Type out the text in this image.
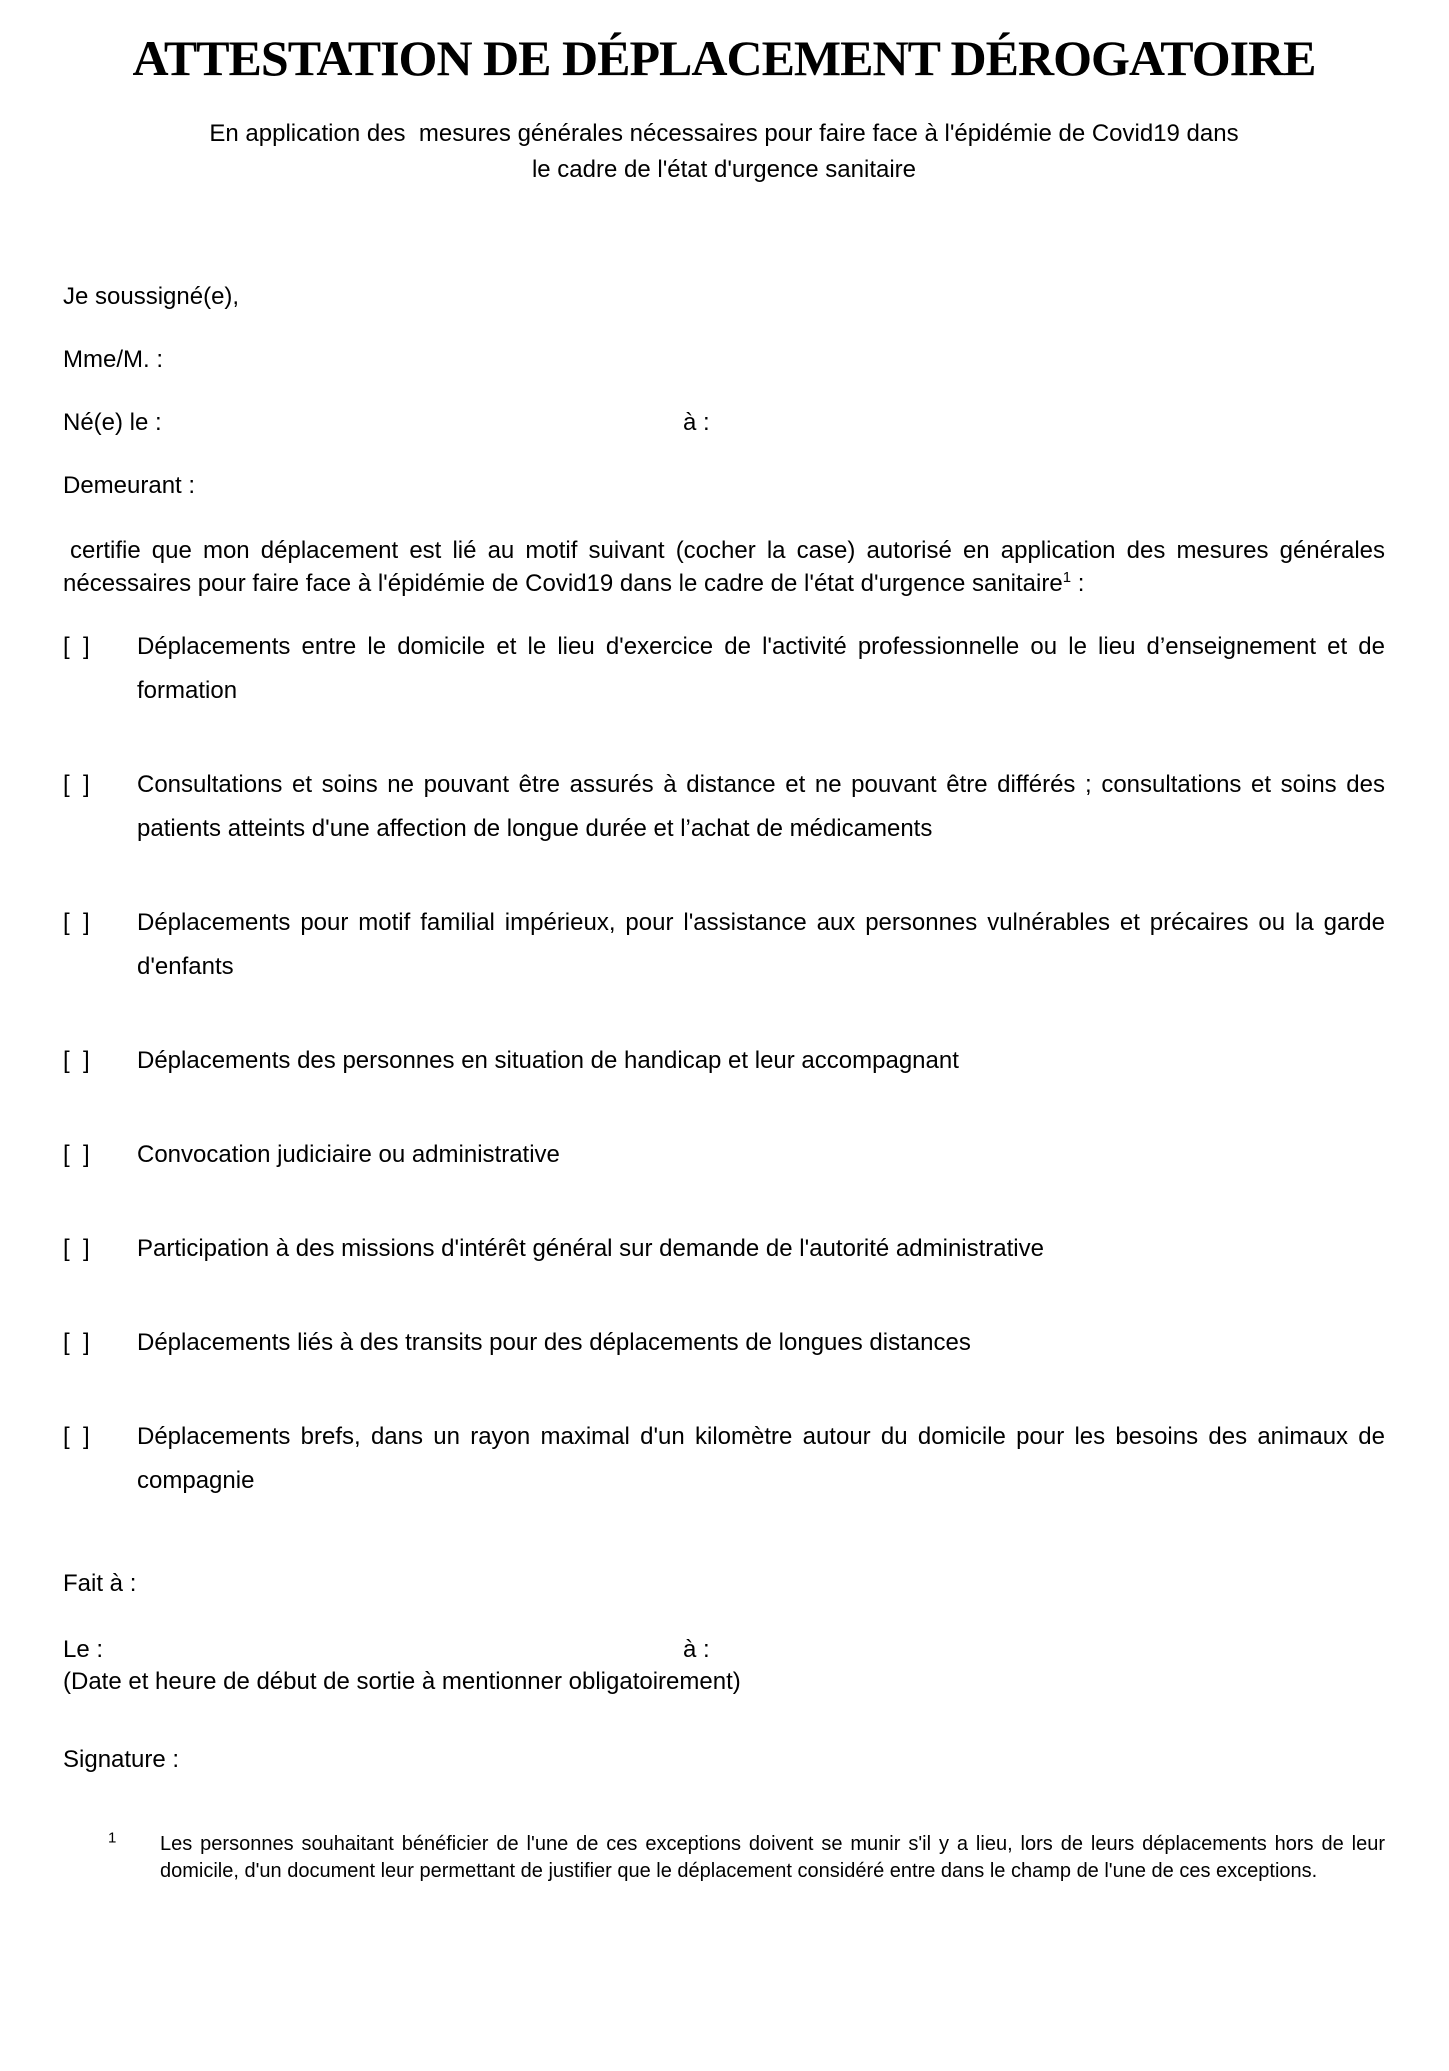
ATTESTATION DE DÉPLACEMENT DÉROGATOIRE
En application des  mesures générales nécessaires pour faire face à l'épidémie de Covid19 dans
le cadre de l'état d'urgence sanitaire
Je soussigné(e),
Mme/M. :
Né(e) le :	à :
Demeurant :

certifie que mon déplacement est lié au motif suivant (cocher la case) autorisé en application des mesures générales nécessaires pour faire face à l'épidémie de Covid19 dans le cadre de l'état d'urgence sanitaire$^1$ :

[  ]	Déplacements entre le domicile et le lieu d'exercice de l'activité professionnelle ou le lieu d’enseignement et de formation
[  ]	Consultations et soins ne pouvant être assurés à distance et ne pouvant être différés ; consultations et soins des patients atteints d'une affection de longue durée et l’achat de médicaments
[  ]	Déplacements pour motif familial impérieux, pour l'assistance aux personnes vulnérables et précaires ou la garde d'enfants
[  ]	Déplacements des personnes en situation de handicap et leur accompagnant
[  ]	Convocation judiciaire ou administrative
[  ]	Participation à des missions d'intérêt général sur demande de l'autorité administrative
[  ]	Déplacements liés à des transits pour des déplacements de longues distances
[  ]	Déplacements brefs, dans un rayon maximal d'un kilomètre autour du domicile pour les besoins des animaux de compagnie
Fait à :
Le :	à :
(Date et heure de début de sortie à mentionner obligatoirement)
Signature :
$^1$	Les personnes souhaitant bénéficier de l'une de ces exceptions doivent se munir s'il y a lieu, lors de leurs déplacements hors de leur domicile, d'un document leur permettant de justifier que le déplacement considéré entre dans le champ de l'une de ces exceptions.
